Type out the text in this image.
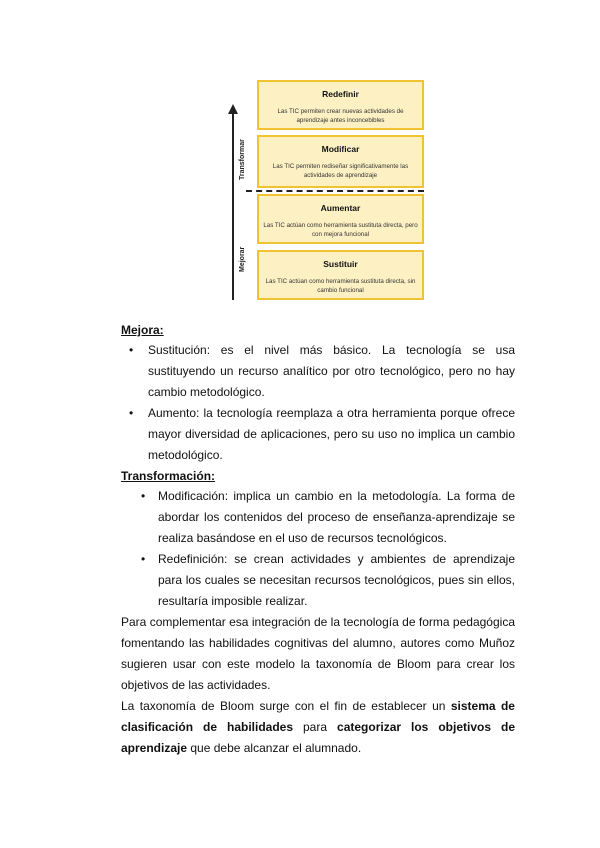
Transformar
Mejorar
Redefinir
Las TIC permiten crear nuevas actividades de aprendizaje antes inconcebibles
Modificar
Las TIC permiten rediseñar significativamente las actividades de aprendizaje
Aumentar
Las TIC actúan como herramienta sustituta directa, pero con mejora funcional
Sustituir
Las TIC actúan como herramienta sustituta directa, sin cambio funcional
Mejora:
• Sustitución: es el nivel más básico. La tecnología se usa sustituyendo un recurso analítico por otro tecnológico, pero no hay cambio metodológico.
• Aumento: la tecnología reemplaza a otra herramienta porque ofrece mayor diversidad de aplicaciones, pero su uso no implica un cambio metodológico.
Transformación:
• Modificación: implica un cambio en la metodología. La forma de abordar los contenidos del proceso de enseñanza-aprendizaje se realiza basándose en el uso de recursos tecnológicos.
• Redefinición: se crean actividades y ambientes de aprendizaje para los cuales se necesitan recursos tecnológicos, pues sin ellos, resultaría imposible realizar.

Para complementar esa integración de la tecnología de forma pedagógica fomentando las habilidades cognitivas del alumno, autores como Muñoz sugieren usar con este modelo la taxonomía de Bloom para crear los objetivos de las actividades.

La taxonomía de Bloom surge con el fin de establecer un sistema de clasificación de habilidades para categorizar los objetivos de aprendizaje que debe alcanzar el alumnado.
